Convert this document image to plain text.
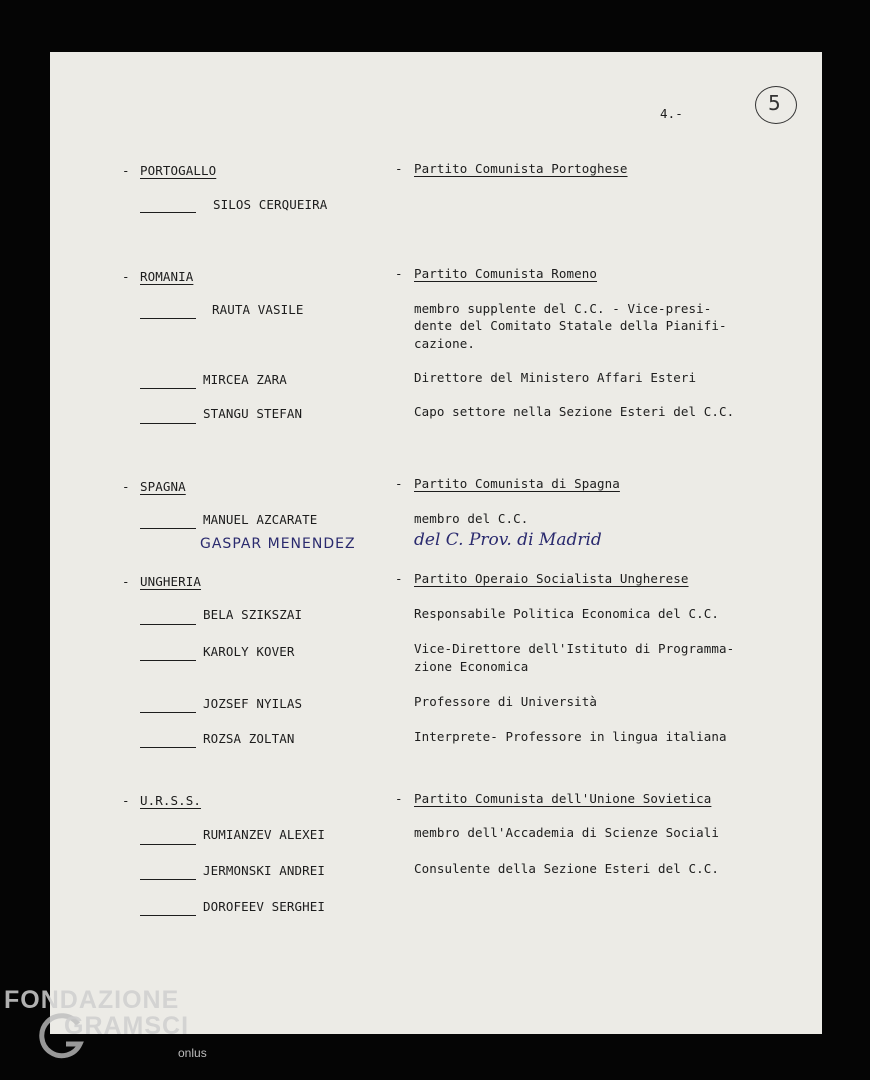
4.-	5
- PORTOGALLO	- Partito Comunista Portoghese
SILOS CERQUEIRA
- ROMANIA	- Partito Comunista Romeno
RAUTA VASILE	membro supplente del C.C. - Vice-presi-
dente del Comitato Statale della Pianifi-
cazione.
MIRCEA ZARA	Direttore del Ministero Affari Esteri
STANGU STEFAN	Capo settore nella Sezione Esteri del C.C.
- SPAGNA	- Partito Comunista di Spagna
MANUEL AZCARATE	membro del C.C.
GASPAR MENENDEZ	del C. Prov. di Madrid
- UNGHERIA	- Partito Operaio Socialista Ungherese
BELA SZIKSZAI	Responsabile Politica Economica del C.C.
KAROLY KOVER	Vice-Direttore dell'Istituto di Programma-
zione Economica
JOZSEF NYILAS	Professore di Università
ROZSA ZOLTAN	Interprete- Professore in lingua italiana
- U.R.S.S.	- Partito Comunista dell'Unione Sovietica
RUMIANZEV ALEXEI	membro dell'Accademia di Scienze Sociali
JERMONSKI ANDREI	Consulente della Sezione Esteri del C.C.
DOROFEEV SERGHEI
FONDAZIONE
GRAMSCI
onlus
